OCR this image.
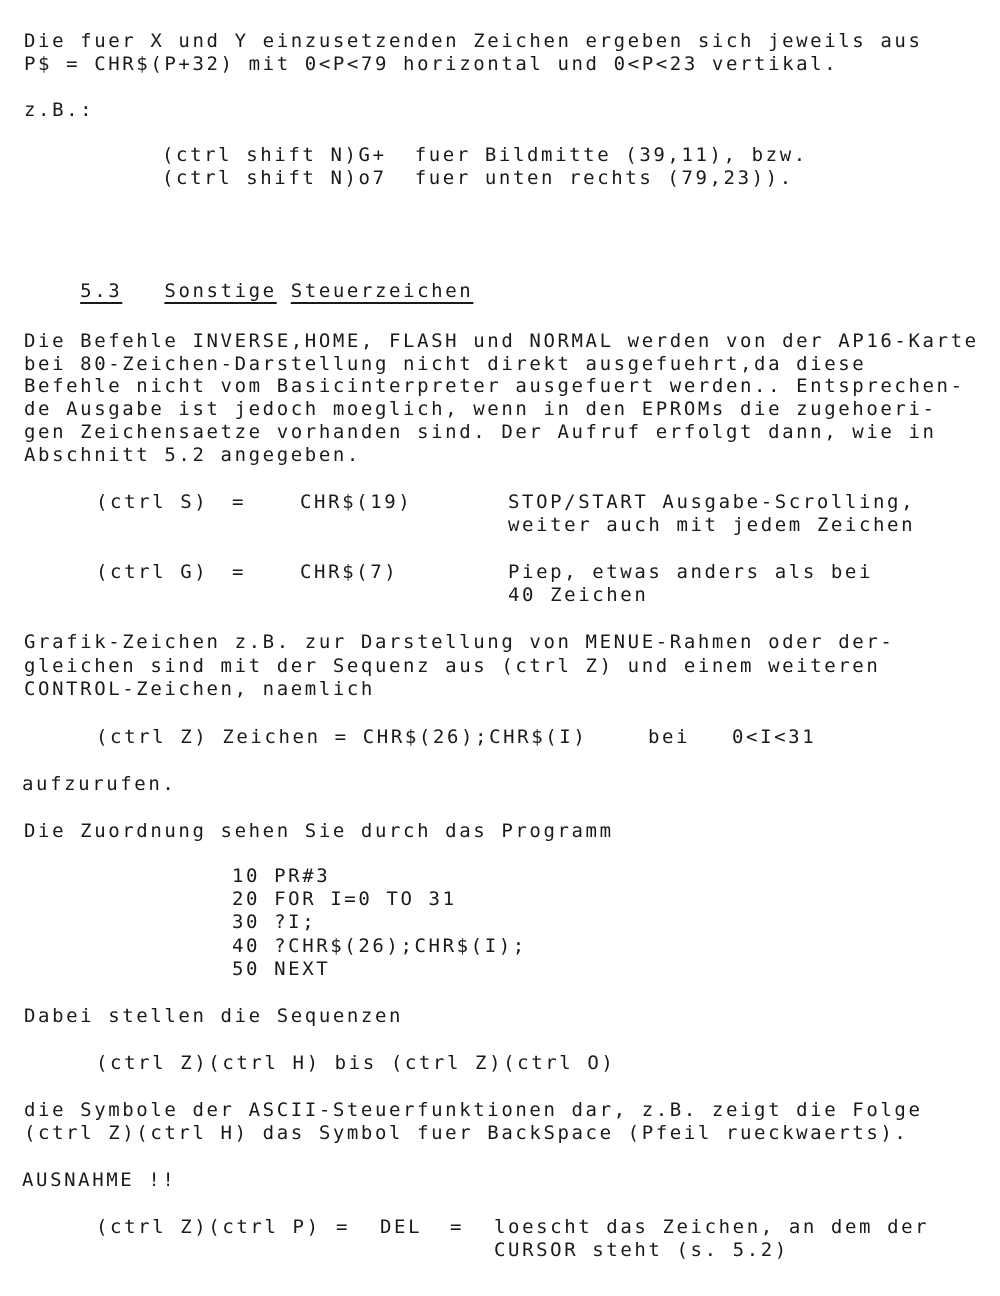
Die fuer X und Y einzusetzenden Zeichen ergeben sich jeweils aus
P$ = CHR$(P+32) mit 0<P<79 horizontal und 0<P<23 vertikal.
z.B.:
(ctrl shift N)G+  fuer Bildmitte (39,11), bzw.
(ctrl shift N)o7  fuer unten rechts (79,23)).

5.3 Sonstige Steuerzeichen

Die Befehle INVERSE,HOME, FLASH und NORMAL werden von der AP16-Karte
bei 80-Zeichen-Darstellung nicht direkt ausgefuehrt,da diese
Befehle nicht vom Basicinterpreter ausgefuert werden.. Entsprechen-
de Ausgabe ist jedoch moeglich, wenn in den EPROMs die zugehoeri-
gen Zeichensaetze vorhanden sind. Der Aufruf erfolgt dann, wie in
Abschnitt 5.2 angegeben.
(ctrl S) =	CHR$(19)	STOP/START Ausgabe-Scrolling,
weiter auch mit jedem Zeichen
(ctrl G) =	CHR$(7)	Piep, etwas anders als bei
40 Zeichen
Grafik-Zeichen z.B. zur Darstellung von MENUE-Rahmen oder der-
gleichen sind mit der Sequenz aus (ctrl Z) und einem weiteren
CONTROL-Zeichen, naemlich
(ctrl Z) Zeichen = CHR$(26);CHR$(I)	bei 0<I<31
aufzurufen.
Die Zuordnung sehen Sie durch das Programm
10 PR#3
20 FOR I=0 TO 31
30 ?I;
40 ?CHR$(26);CHR$(I);
50 NEXT
Dabei stellen die Sequenzen
(ctrl Z)(ctrl H) bis (ctrl Z)(ctrl O)
die Symbole der ASCII-Steuerfunktionen dar, z.B. zeigt die Folge
(ctrl Z)(ctrl H) das Symbol fuer BackSpace (Pfeil rueckwaerts).
AUSNAHME !!
(ctrl Z)(ctrl P) = DEL = loescht das Zeichen, an dem der
CURSOR steht (s. 5.2)
